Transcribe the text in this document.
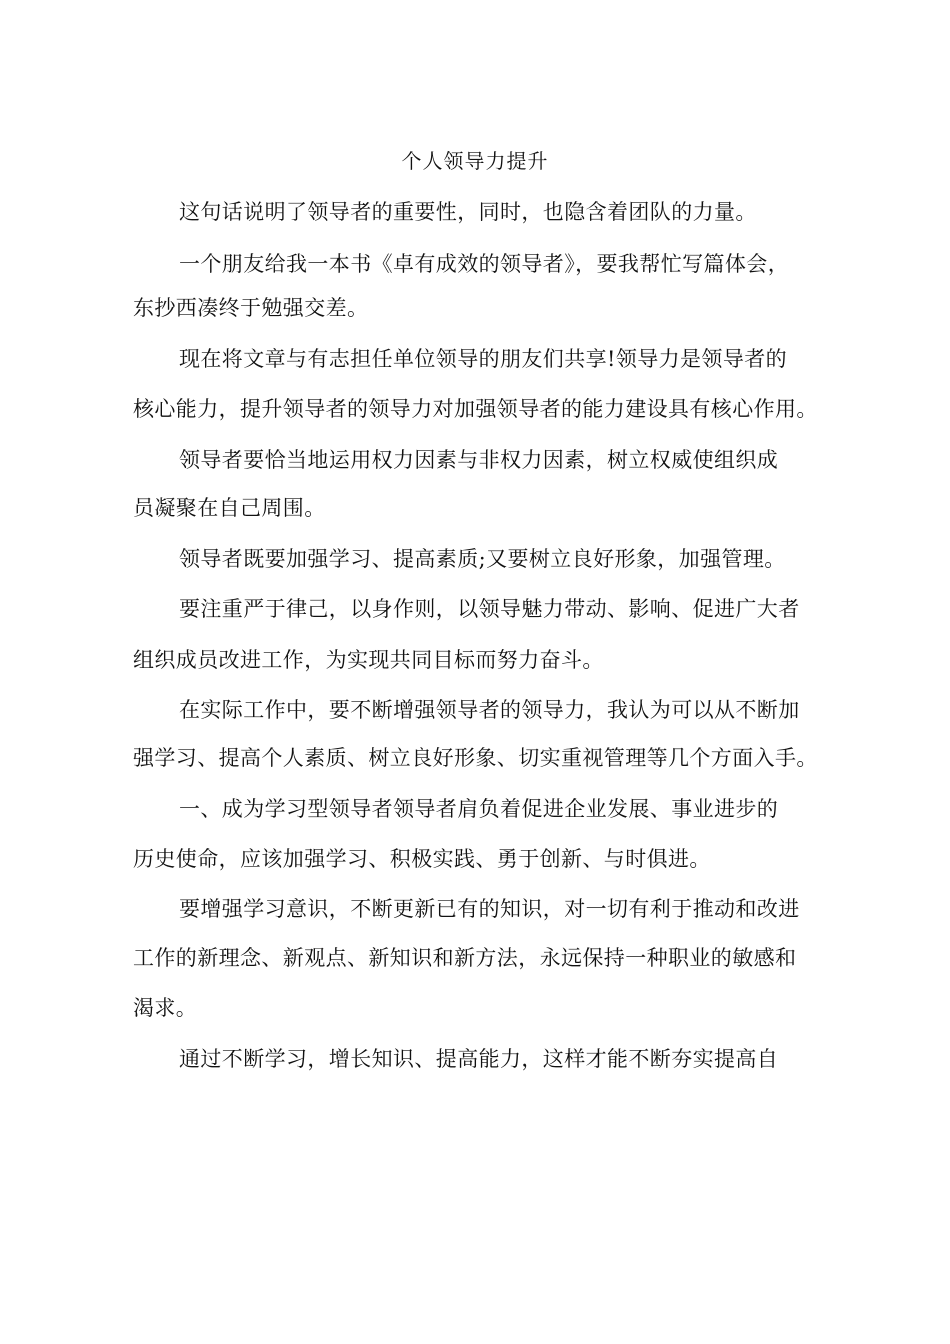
个人领导力提升
这句话说明了领导者的重要性，同时，也隐含着团队的力量。
一个朋友给我一本书《卓有成效的领导者》，要我帮忙写篇体会，
东抄西凑终于勉强交差。
现在将文章与有志担任单位领导的朋友们共享!领导力是领导者的
核心能力，提升领导者的领导力对加强领导者的能力建设具有核心作用。
领导者要恰当地运用权力因素与非权力因素，树立权威使组织成
员凝聚在自己周围。
领导者既要加强学习、提高素质;又要树立良好形象，加强管理。
要注重严于律己，以身作则，以领导魅力带动、影响、促进广大者
组织成员改进工作，为实现共同目标而努力奋斗。
在实际工作中，要不断增强领导者的领导力，我认为可以从不断加
强学习、提高个人素质、树立良好形象、切实重视管理等几个方面入手。
一、成为学习型领导者领导者肩负着促进企业发展、事业进步的
历史使命，应该加强学习、积极实践、勇于创新、与时俱进。
要增强学习意识，不断更新已有的知识，对一切有利于推动和改进
工作的新理念、新观点、新知识和新方法，永远保持一种职业的敏感和
渴求。
通过不断学习，增长知识、提高能力，这样才能不断夯实提高自
